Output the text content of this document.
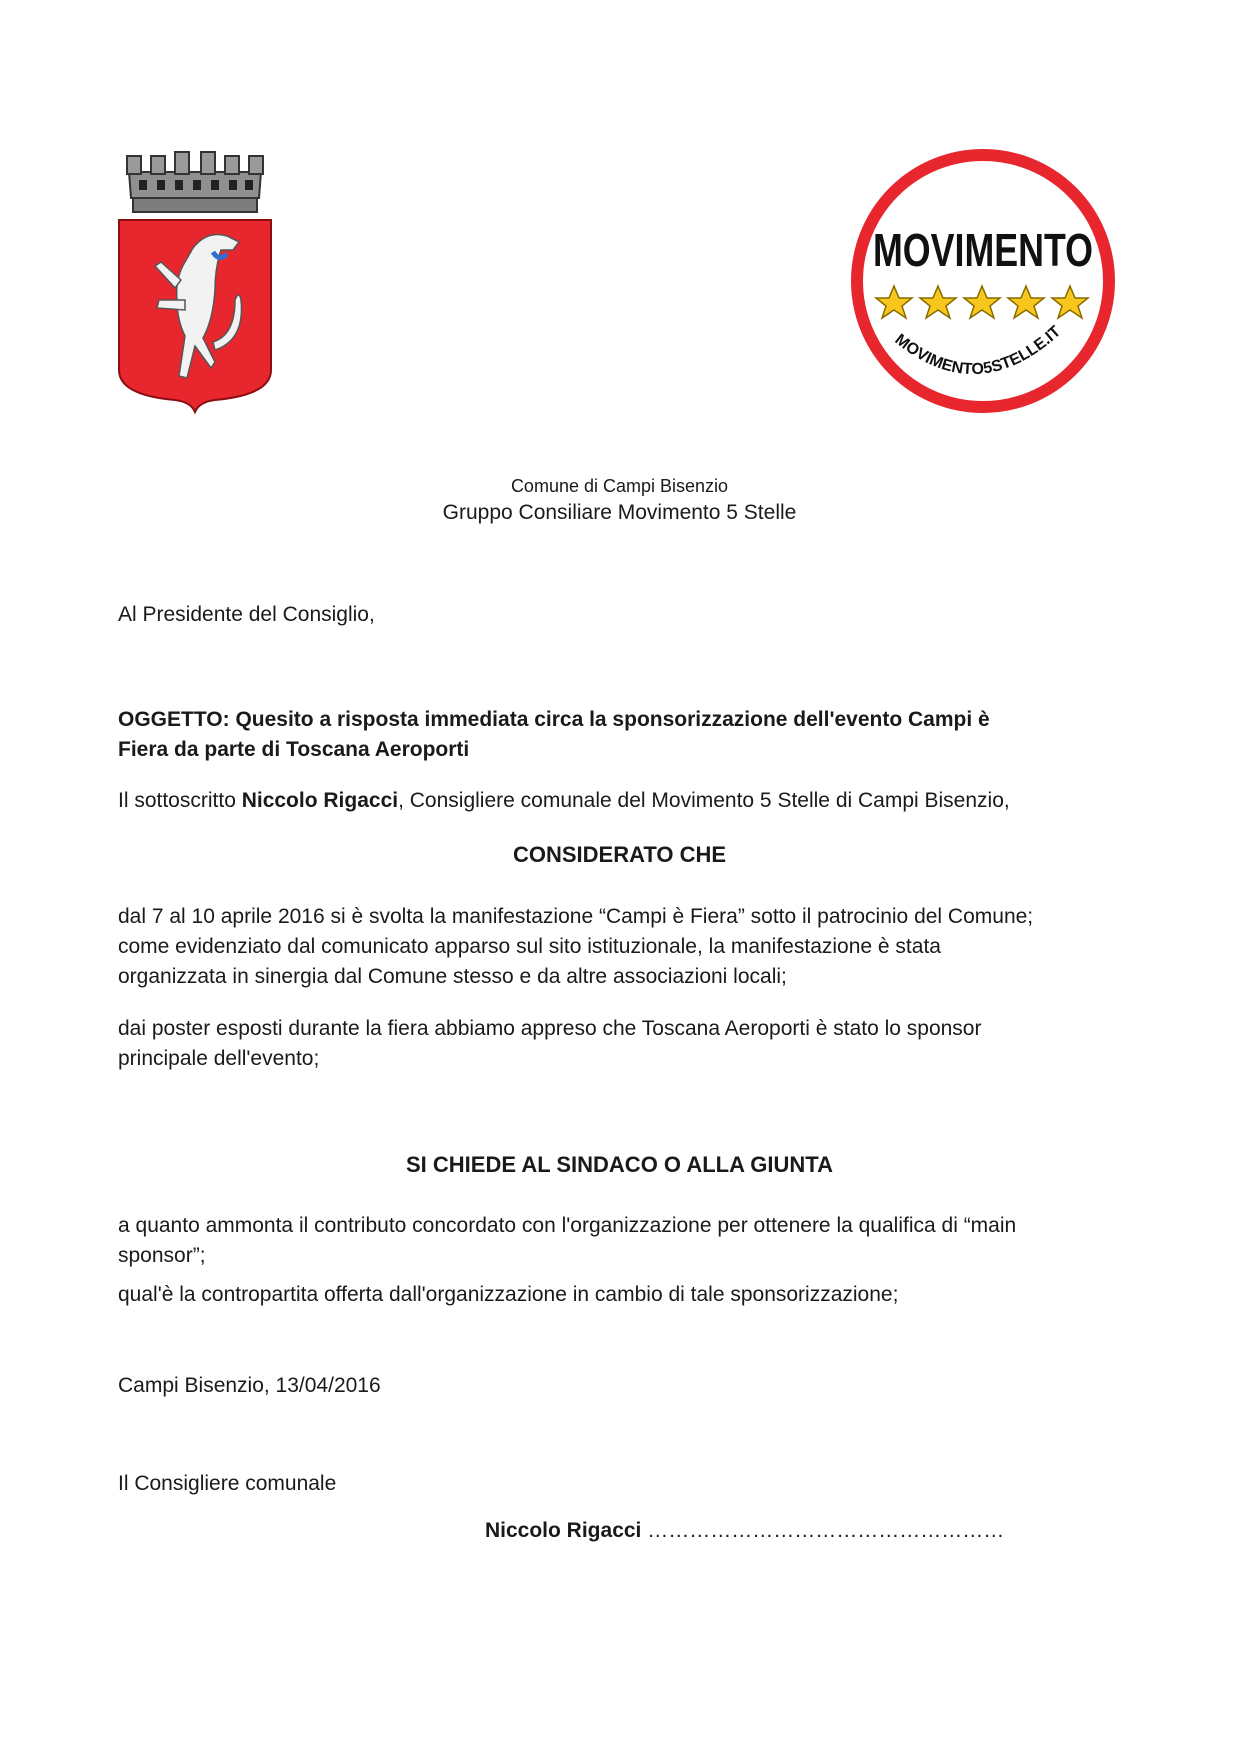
MOVIMENTO
MOVIMENTO5STELLE.IT
Comune di Campi Bisenzio
Gruppo Consiliare Movimento 5 Stelle
Al Presidente del Consiglio,
OGGETTO: Quesito a risposta immediata circa la sponsorizzazione dell'evento Campi è
Fiera da parte di Toscana Aeroporti
Il sottoscritto Niccolo Rigacci, Consigliere comunale del Movimento 5 Stelle di Campi Bisenzio,
CONSIDERATO CHE
dal 7 al 10 aprile 2016 si è svolta la manifestazione “Campi è Fiera” sotto il patrocinio del Comune;
come evidenziato dal comunicato apparso sul sito istituzionale, la manifestazione è stata
organizzata in sinergia dal Comune stesso e da altre associazioni locali;
dai poster esposti durante la fiera abbiamo appreso che Toscana Aeroporti è stato lo sponsor
principale dell'evento;
SI CHIEDE AL SINDACO O ALLA GIUNTA
a quanto ammonta il contributo concordato con l'organizzazione per ottenere la qualifica di “main
sponsor”;
qual'è la contropartita offerta dall'organizzazione in cambio di tale sponsorizzazione;
Campi Bisenzio, 13/04/2016
Il Consigliere comunale
Niccolo Rigacci ……………………………………………
